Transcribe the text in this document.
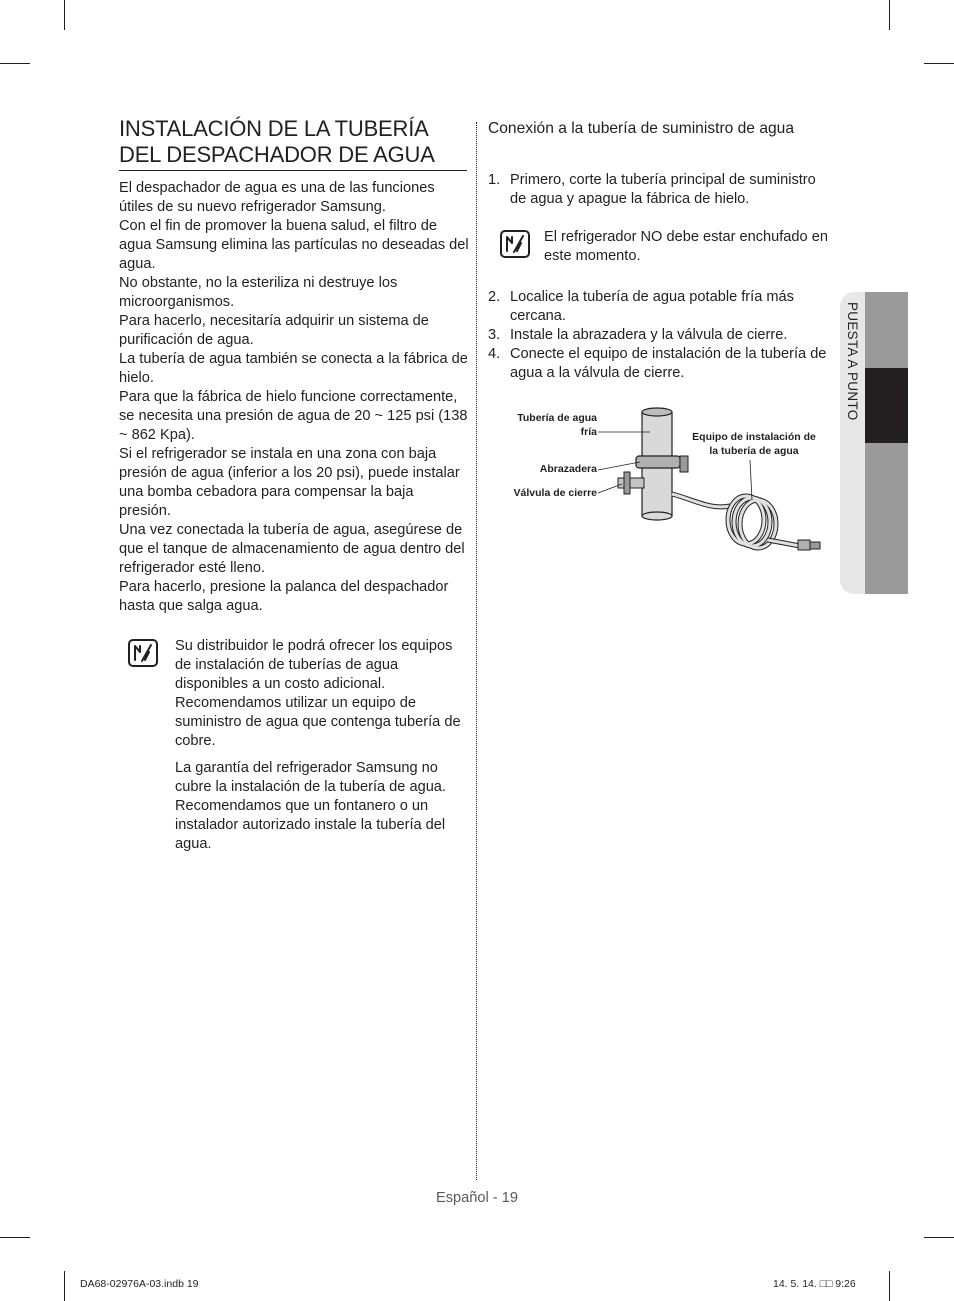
INSTALACIÓN DE LA TUBERÍA DEL DESPACHADOR DE AGUA

El despachador de agua es una de las funciones útiles de su nuevo refrigerador Samsung.

Con el fin de promover la buena salud, el filtro de agua Samsung elimina las partículas no deseadas del agua.

No obstante, no la esteriliza ni destruye los microorganismos.

Para hacerlo, necesitaría adquirir un sistema de purificación de agua.

La tubería de agua también se conecta a la fábrica de hielo.

Para que la fábrica de hielo funcione correctamente, se necesita una presión de agua de 20 ~ 125 psi (138 ~ 862 Kpa).

Si el refrigerador se instala en una zona con baja presión de agua (inferior a los 20 psi), puede instalar una bomba cebadora para compensar la baja presión.

Una vez conectada la tubería de agua, asegúrese de que el tanque de almacenamiento de agua dentro del refrigerador esté lleno.

Para hacerlo, presione la palanca del despachador hasta que salga agua.

Su distribuidor le podrá ofrecer los equipos de instalación de tuberías de agua disponibles a un costo adicional. Recomendamos utilizar un equipo de suministro de agua que contenga tubería de cobre.

La garantía del refrigerador Samsung no cubre la instalación de la tubería de agua. Recomendamos que un fontanero o un instalador autorizado instale la tubería del agua.

Conexión a la tubería de suministro de agua
1. Primero, corte la tubería principal de suministro de agua y apague la fábrica de hielo.

El refrigerador NO debe estar enchufado en este momento.

2. Localice la tubería de agua potable fría más cercana.
3. Instale la abrazadera y la válvula de cierre.
4. Conecte el equipo de instalación de la tubería de agua a la válvula de cierre.
Tubería de agua
fría
Abrazadera
Válvula de cierre
Equipo de instalación de
la tubería de agua
PUESTA A PUNTO
Español - 19
DA68-02976A-03.indb 19	14. 5. 14. □□ 9:26
